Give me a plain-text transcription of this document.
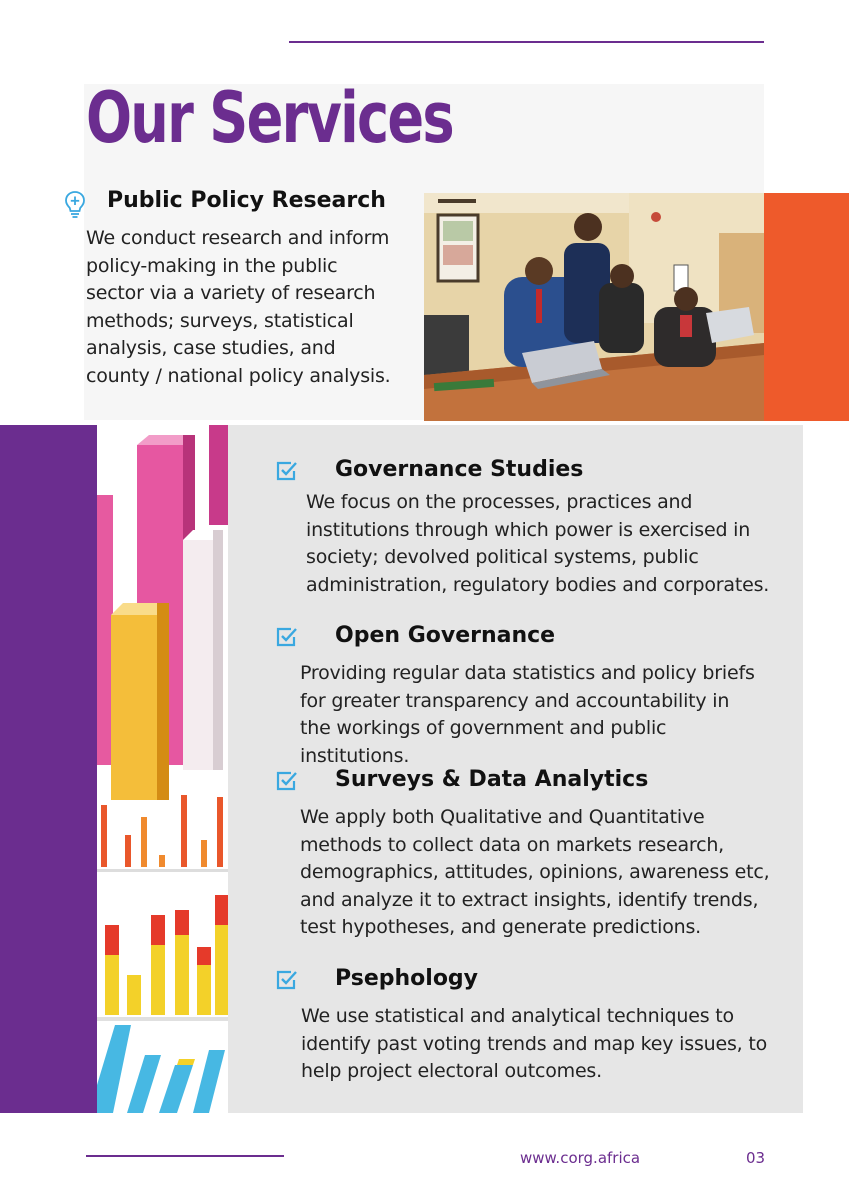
Our Services
Public Policy Research
We conduct research and inform
policy-making in the public
sector via a variety of research
methods; surveys, statistical
analysis, case studies, and
county / national policy analysis.
Governance Studies
We focus on the processes, practices and
institutions through which power is exercised in
society; devolved political systems, public
administration, regulatory bodies and corporates.
Open Governance
Providing regular data statistics and policy briefs
for greater transparency and accountability in
the workings of government and public
institutions.
Surveys & Data Analytics
We apply both Qualitative and Quantitative
methods to collect data on markets research,
demographics, attitudes, opinions, awareness etc,
and analyze it to extract insights, identify trends,
test hypotheses, and generate predictions.
Psephology
We use statistical and analytical techniques to
identify past voting trends and map key issues, to
help project electoral outcomes.
www.corg.africa	03
